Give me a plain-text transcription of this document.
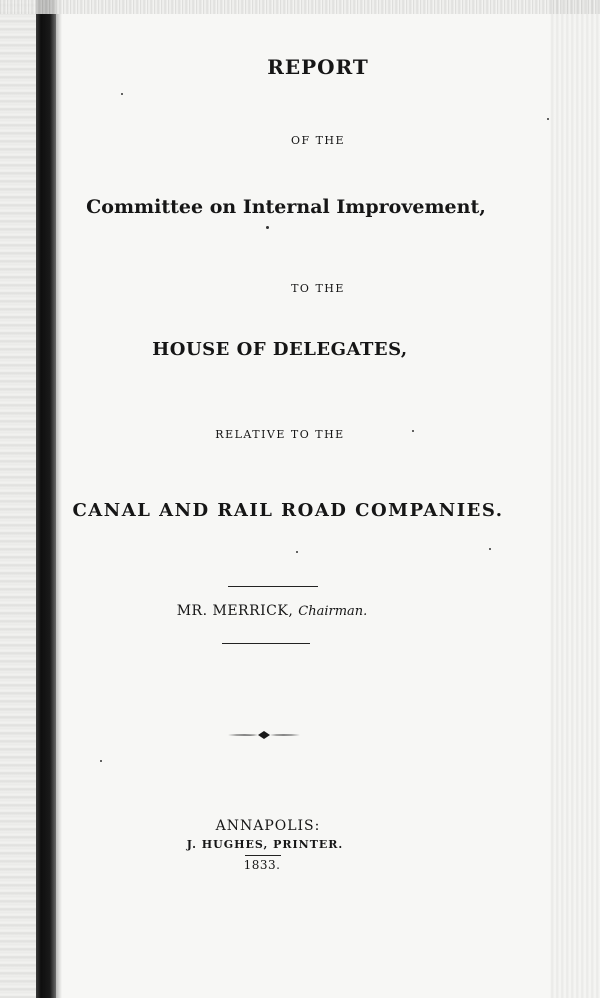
REPORT
OF THE
Committee on Internal Improvement,
TO THE
HOUSE OF DELEGATES,
RELATIVE TO THE
CANAL AND RAIL ROAD COMPANIES.
MR. MERRICK, Chairman.
ANNAPOLIS:
J. HUGHES, PRINTER.
1833.
